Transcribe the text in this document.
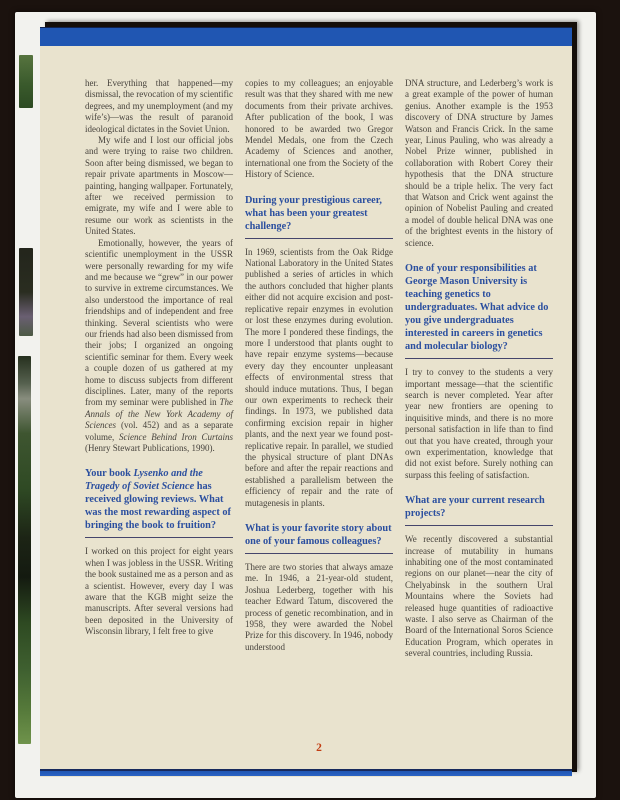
her. Everything that happened—my dismissal, the revocation of my scientific degrees, and my unemployment (and my wife’s)—was the result of paranoid ideological dictates in the Soviet Union.
My wife and I lost our official jobs and were trying to raise two children. Soon after being dismissed, we began to repair private apartments in Moscow—painting, hanging wallpaper. Fortunately, after we received permission to emigrate, my wife and I were able to resume our work as scientists in the United States.
Emotionally, however, the years of scientific unemployment in the USSR were personally rewarding for my wife and me because we “grew” in our power to survive in extreme circumstances. We also understood the importance of real friendships and of independent and free thinking. Several scientists who were our friends had also been dismissed from their jobs; I organized an ongoing scientific seminar for them. Every week a couple dozen of us gathered at my home to discuss subjects from different disciplines. Later, many of the reports from my seminar were published in The Annals of the New York Academy of Sciences (vol. 452) and as a separate volume, Science Behind Iron Curtains (Henry Stewart Publications, 1990).
Your book Lysenko and the Tragedy of Soviet Science has received glowing reviews. What was the most rewarding aspect of bringing the book to fruition?
I worked on this project for eight years when I was jobless in the USSR. Writing the book sustained me as a person and as a scientist. However, every day I was aware that the KGB might seize the manuscripts. After several versions had been deposited in the University of Wisconsin library, I felt free to give
copies to my colleagues; an enjoyable result was that they shared with me new documents from their private archives. After publication of the book, I was honored to be awarded two Gregor Mendel Medals, one from the Czech Academy of Sciences and another, international one from the Society of the History of Science.
During your prestigious career, what has been your greatest challenge?
In 1969, scientists from the Oak Ridge National Laboratory in the United States published a series of articles in which the authors concluded that higher plants either did not acquire excision and post-replicative repair enzymes in evolution or lost these enzymes during evolution. The more I pondered these findings, the more I understood that plants ought to have repair enzyme systems—because every day they encounter unpleasant effects of environmental stress that should induce mutations. Thus, I began our own experiments to recheck their findings. In 1973, we published data confirming excision repair in higher plants, and the next year we found post-replicative repair. In parallel, we studied the physical structure of plant DNAs before and after the repair reactions and established a parallelism between the efficiency of repair and the rate of mutagenesis in plants.
What is your favorite story about one of your famous colleagues?
There are two stories that always amaze me. In 1946, a 21-year-old student, Joshua Lederberg, together with his teacher Edward Tatum, discovered the process of genetic recombination, and in 1958, they were awarded the Nobel Prize for this discovery. In 1946, nobody understood
DNA structure, and Lederberg’s work is a great example of the power of human genius. Another example is the 1953 discovery of DNA structure by James Watson and Francis Crick. In the same year, Linus Pauling, who was already a Nobel Prize winner, published in collaboration with Robert Corey their hypothesis that the DNA structure should be a triple helix. The very fact that Watson and Crick went against the opinion of Nobelist Pauling and created a model of double helical DNA was one of the brightest events in the history of science.
One of your responsibilities at George Mason University is teaching genetics to undergraduates. What advice do you give undergraduates interested in careers in genetics and molecular biology?
I try to convey to the students a very important message—that the scientific search is never completed. Year after year new frontiers are opening to inquisitive minds, and there is no more personal satisfaction in life than to find out that you have created, through your own experimentation, knowledge that did not exist before. Surely nothing can surpass this feeling of satisfaction.
What are your current research projects?
We recently discovered a substantial increase of mutability in humans inhabiting one of the most contaminated regions on our planet—near the city of Chelyabinsk in the southern Ural Mountains where the Soviets had released huge quantities of radioactive waste. I also serve as Chairman of the Board of the International Soros Science Education Program, which operates in several countries, including Russia.
2
